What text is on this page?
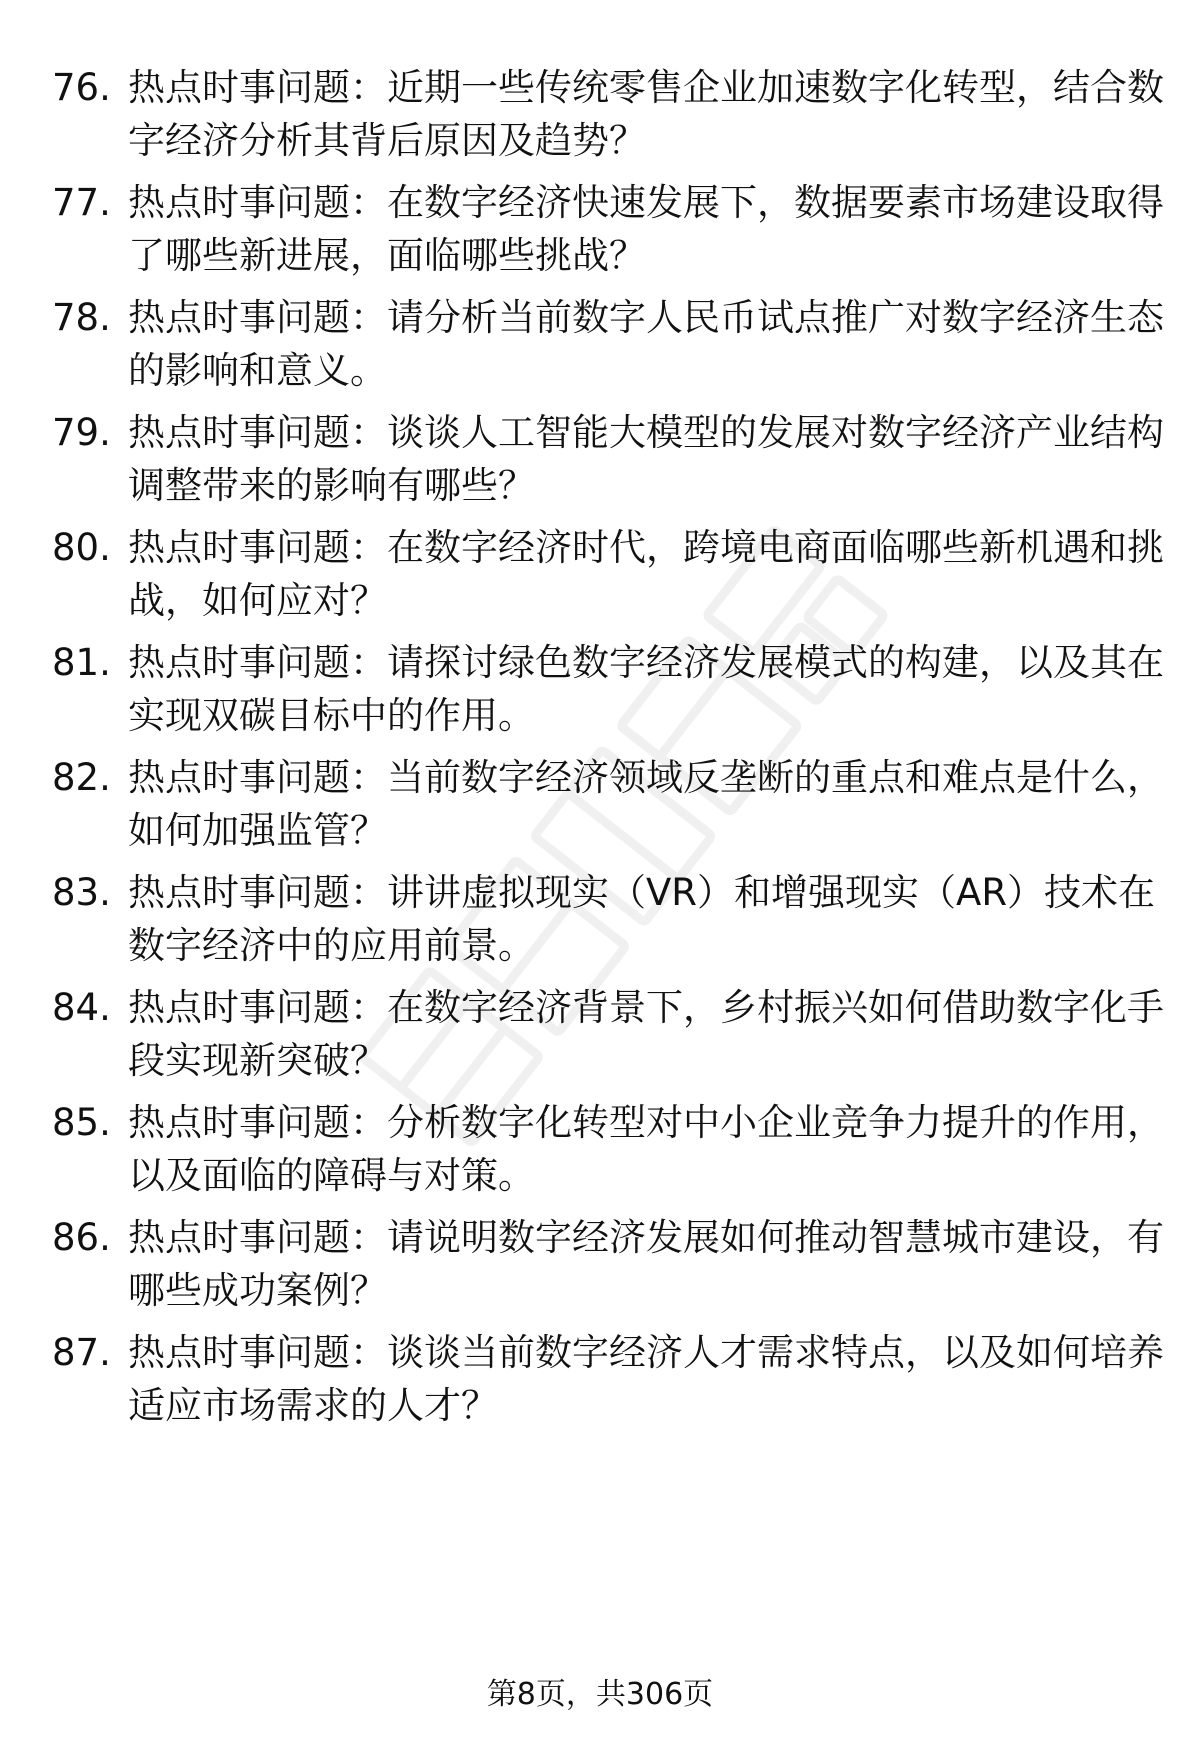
76. 热点时事问题：近期一些传统零售企业加速数字化转型，结合数
字经济分析其背后原因及趋势？
77. 热点时事问题：在数字经济快速发展下，数据要素市场建设取得
了哪些新进展，面临哪些挑战？
78. 热点时事问题：请分析当前数字人民币试点推广对数字经济生态
的影响和意义。
79. 热点时事问题：谈谈人工智能大模型的发展对数字经济产业结构
调整带来的影响有哪些？
80. 热点时事问题：在数字经济时代，跨境电商面临哪些新机遇和挑
战，如何应对？
81. 热点时事问题：请探讨绿色数字经济发展模式的构建，以及其在
实现双碳目标中的作用。
82. 热点时事问题：当前数字经济领域反垄断的重点和难点是什么，
如何加强监管？
83. 热点时事问题：讲讲虚拟现实（VR）和增强现实（AR）技术在
数字经济中的应用前景。
84. 热点时事问题：在数字经济背景下，乡村振兴如何借助数字化手
段实现新突破？
85. 热点时事问题：分析数字化转型对中小企业竞争力提升的作用，
以及面临的障碍与对策。
86. 热点时事问题：请说明数字经济发展如何推动智慧城市建设，有
哪些成功案例？
87. 热点时事问题：谈谈当前数字经济人才需求特点，以及如何培养
适应市场需求的人才？
第8页，共306页
